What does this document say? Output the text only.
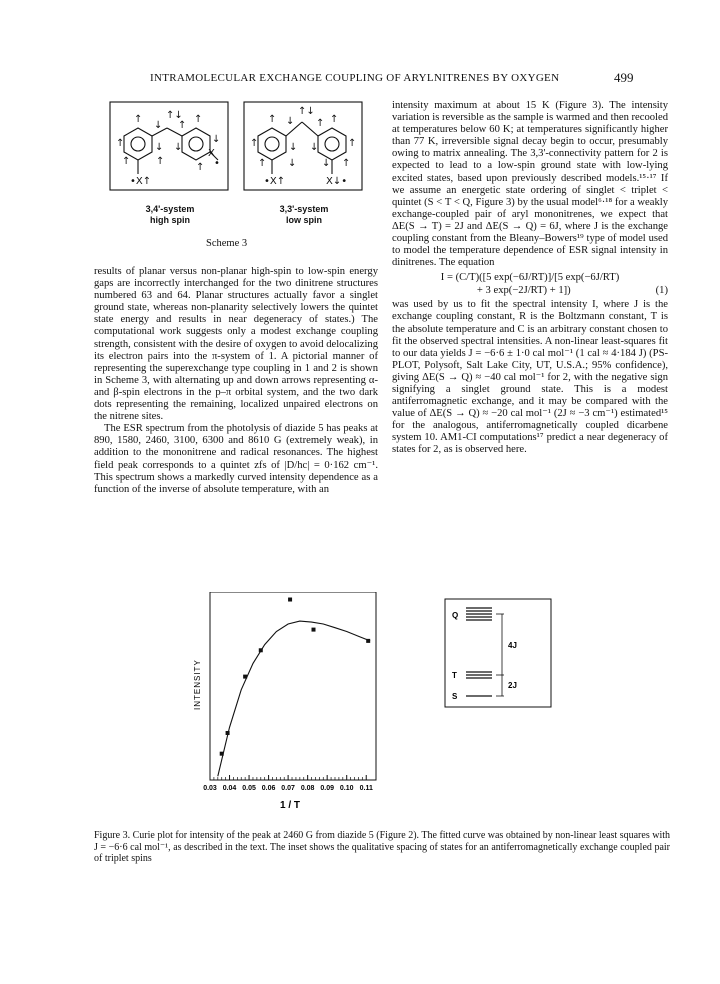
INTRAMOLECULAR EXCHANGE COUPLING OF ARYLNITRENES BY OXYGEN	499
↑
↓
↑↓
↑
↑
↑	↓ ↓
↓
↑	↑
↑ •
•X↑
X
↑ ↓
↑↓
↑ ↑
↑	↓ ↓	↑
↑ ↓	↓ ↑
•X↑	X↓•
3,4'-system
high spin
3,3'-system
low spin
Scheme 3

results of planar versus non-planar high-spin to low-spin energy gaps are incorrectly interchanged for the two dinitrene structures numbered 63 and 64. Planar structures actually favor a singlet ground state, whereas non-planarity selectively lowers the quintet state energy and results in near degeneracy of states.) The computational work suggests only a modest exchange coupling strength, consistent with the desire of oxygen to avoid delocalizing its electron pairs into the π-system of 1. A pictorial manner of representing the superexchange type coupling in 1 and 2 is shown in Scheme 3, with alternating up and down arrows representing α- and β-spin electrons in the p–π orbital system, and the two dark dots representing the remaining, localized unpaired electrons on the nitrene sites.

The ESR spectrum from the photolysis of diazide 5 has peaks at 890, 1580, 2460, 3100, 6300 and 8610 G (extremely weak), in addition to the mononitrene and radical resonances. The highest field peak corresponds to a quintet zfs of |D/hc| = 0·162 cm⁻¹. This spectrum shows a markedly curved intensity dependence as a function of the inverse of absolute temperature, with an

intensity maximum at about 15 K (Figure 3). The intensity variation is reversible as the sample is warmed and then recooled at temperatures below 60 K; at temperatures significantly higher than 77 K, irreversible signal decay begin to occur, presumably owing to matrix annealing. The 3,3'-connectivity pattern for 2 is expected to lead to a low-spin ground state with low-lying excited states, based upon previously described models.¹⁵·¹⁷ If we assume an energetic state ordering of singlet < triplet < quintet (S < T < Q, Figure 3) by the usual model⁶·¹⁸ for a weakly exchange-coupled pair of aryl mononitrenes, we expect that ΔE(S → T) = 2J and ΔE(S → Q) = 6J, where J is the exchange coupling constant from the Bleany–Bowers¹⁹ type of model used to model the temperature dependence of ESR signal intensity in dinitrenes. The equation

I = (C/T)([5 exp(−6J/RT)]/[5 exp(−6J/RT)
+ 3 exp(−2J/RT) + 1])	(1)

was used by us to fit the spectral intensity I, where J is the exchange coupling constant, R is the Boltzmann constant, T is the absolute temperature and C is an arbitrary constant chosen to fit the observed spectral intensities. A non-linear least-squares fit to our data yields J = −6·6 ± 1·0 cal mol⁻¹ (1 cal ≈ 4·184 J) (PS-PLOT, Polysoft, Salt Lake City, UT, U.S.A.; 95% confidence), giving ΔE(S → Q) ≈ −40 cal mol⁻¹ for 2, with the negative sign signifying a singlet ground state. This is a modest antiferromagnetic exchange, and it may be compared with the value of ΔE(S → Q) ≈ −20 cal mol⁻¹ (2J ≈ −3 cm⁻¹) estimated¹⁵ for the analogous, antiferromagnetically coupled dicarbene system 10. AM1-CI computations¹⁷ predict a near degeneracy of states for 2, as is observed here.

0.03 0.04 0.05 0.06 0.07 0.08 0.09 0.10 0.11
INTENSITY
1 / T
Q
T
S
4J
2J
Figure 3. Curie plot for intensity of the peak at 2460 G from diazide 5 (Figure 2). The fitted curve was obtained by non-linear least squares with J = −6·6 cal mol⁻¹, as described in the text. The inset shows the qualitative spacing of states for an antiferromagnetically exchange coupled pair of triplet spins
